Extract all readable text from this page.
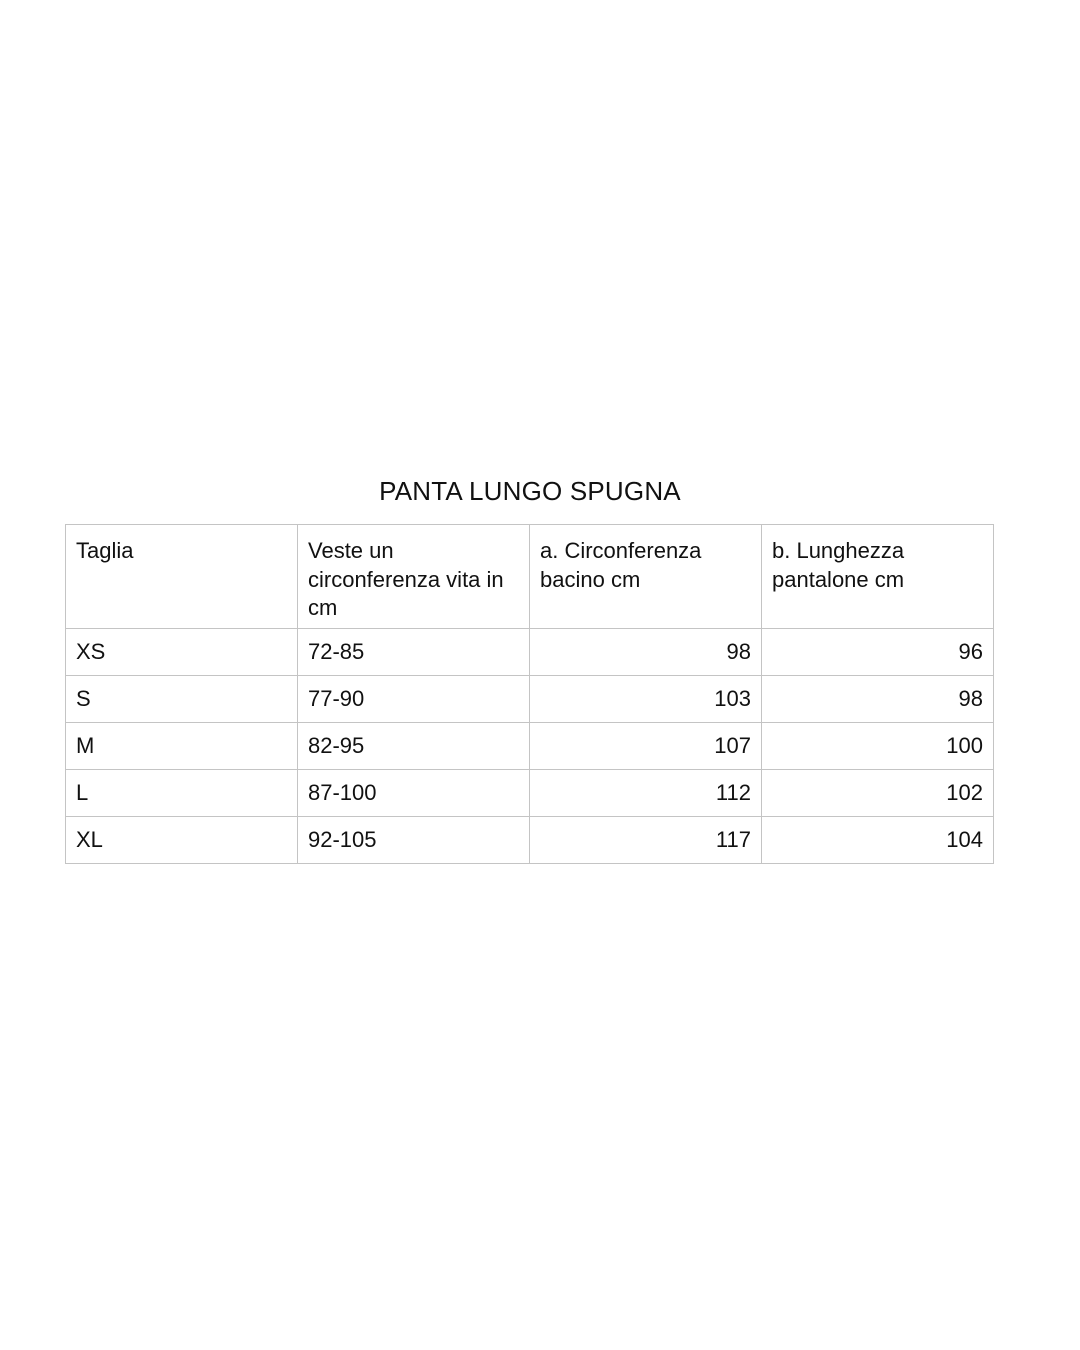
PANTA LUNGO SPUGNA
Taglia	Veste un circonferenza vita in cm	a. Circonferenza bacino cm	b. Lunghezza pantalone cm
XS	72-85	98	96
S	77-90	103	98
M	82-95	107	100
L	87-100	112	102
XL	92-105	117	104
